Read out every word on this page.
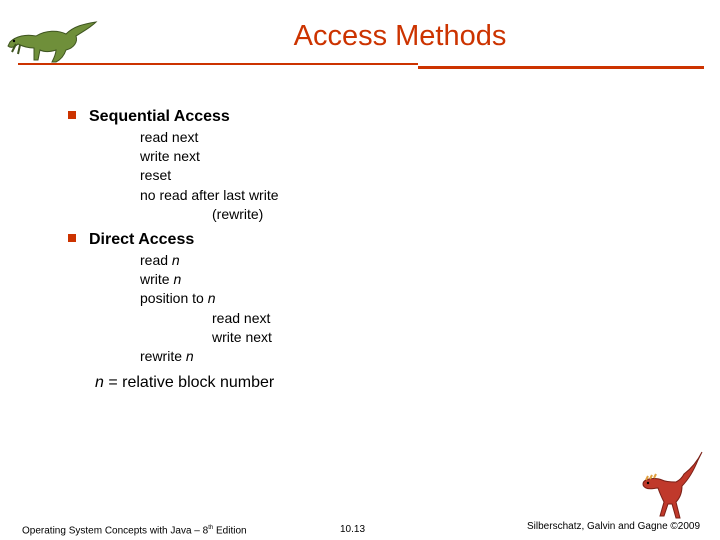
Access Methods
Sequential Access
read next
write next
reset
no read after last write
(rewrite)
Direct Access
read n
write n
position to n
read next
write next
rewrite n
n = relative block number
Operating System Concepts with Java – 8th Edition	10.13	Silberschatz, Galvin and Gagne ©2009
